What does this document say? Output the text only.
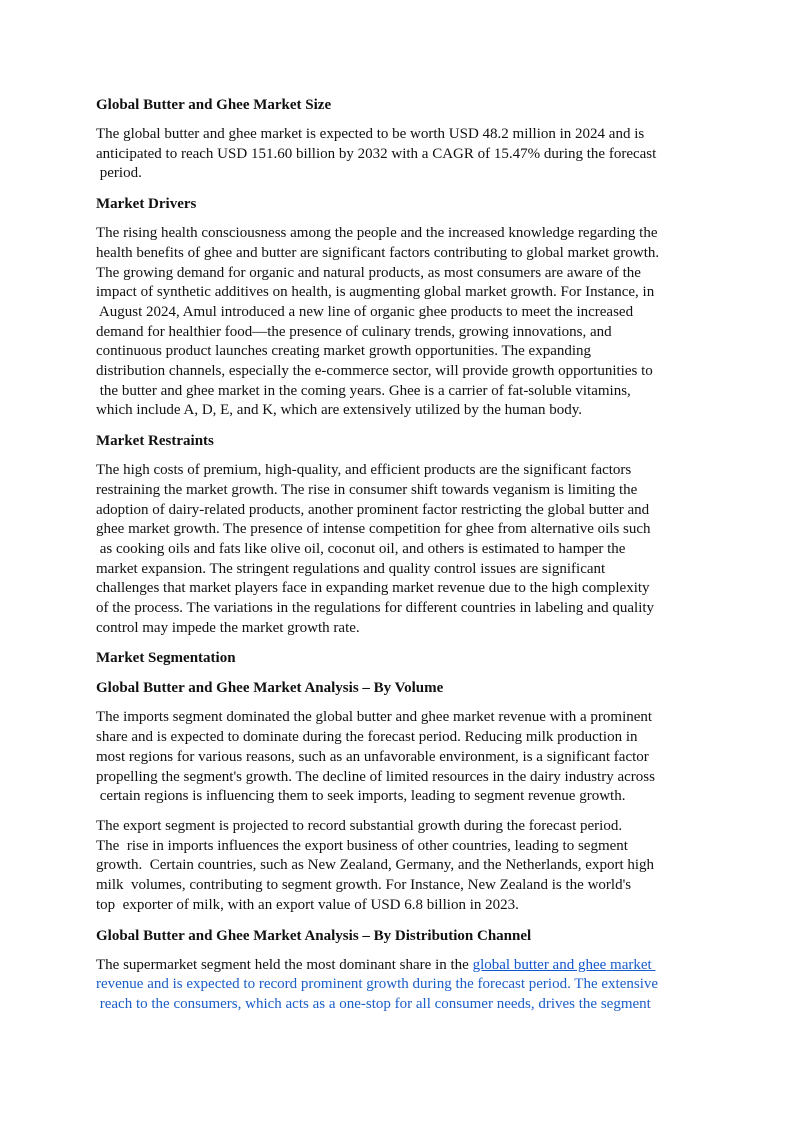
Global Butter and Ghee Market Size

The global butter and ghee market is expected to be worth USD 48.2 million in 2024 and is
anticipated to reach USD 151.60 billion by 2032 with a CAGR of 15.47% during the forecast
period.

Market Drivers

The rising health consciousness among the people and the increased knowledge regarding the
health benefits of ghee and butter are significant factors contributing to global market growth.
The growing demand for organic and natural products, as most consumers are aware of the
impact of synthetic additives on health, is augmenting global market growth. For Instance, in
August 2024, Amul introduced a new line of organic ghee products to meet the increased
demand for healthier food—the presence of culinary trends, growing innovations, and
continuous product launches creating market growth opportunities. The expanding
distribution channels, especially the e-commerce sector, will provide growth opportunities to
the butter and ghee market in the coming years. Ghee is a carrier of fat-soluble vitamins,
which include A, D, E, and K, which are extensively utilized by the human body.

Market Restraints

The high costs of premium, high-quality, and efficient products are the significant factors
restraining the market growth. The rise in consumer shift towards veganism is limiting the
adoption of dairy-related products, another prominent factor restricting the global butter and
ghee market growth. The presence of intense competition for ghee from alternative oils such
as cooking oils and fats like olive oil, coconut oil, and others is estimated to hamper the
market expansion. The stringent regulations and quality control issues are significant
challenges that market players face in expanding market revenue due to the high complexity
of the process. The variations in the regulations for different countries in labeling and quality
control may impede the market growth rate.

Market Segmentation
Global Butter and Ghee Market Analysis – By Volume

The imports segment dominated the global butter and ghee market revenue with a prominent
share and is expected to dominate during the forecast period. Reducing milk production in
most regions for various reasons, such as an unfavorable environment, is a significant factor
propelling the segment's growth. The decline of limited resources in the dairy industry across
certain regions is influencing them to seek imports, leading to segment revenue growth.

The export segment is projected to record substantial growth during the forecast period.
The  rise in imports influences the export business of other countries, leading to segment
growth.  Certain countries, such as New Zealand, Germany, and the Netherlands, export high
milk  volumes, contributing to segment growth. For Instance, New Zealand is the world's
top  exporter of milk, with an export value of USD 6.8 billion in 2023.

Global Butter and Ghee Market Analysis – By Distribution Channel

The supermarket segment held the most dominant share in the global butter and ghee market
revenue and is expected to record prominent growth during the forecast period. The extensive
reach to the consumers, which acts as a one-stop for all consumer needs, drives the segment
